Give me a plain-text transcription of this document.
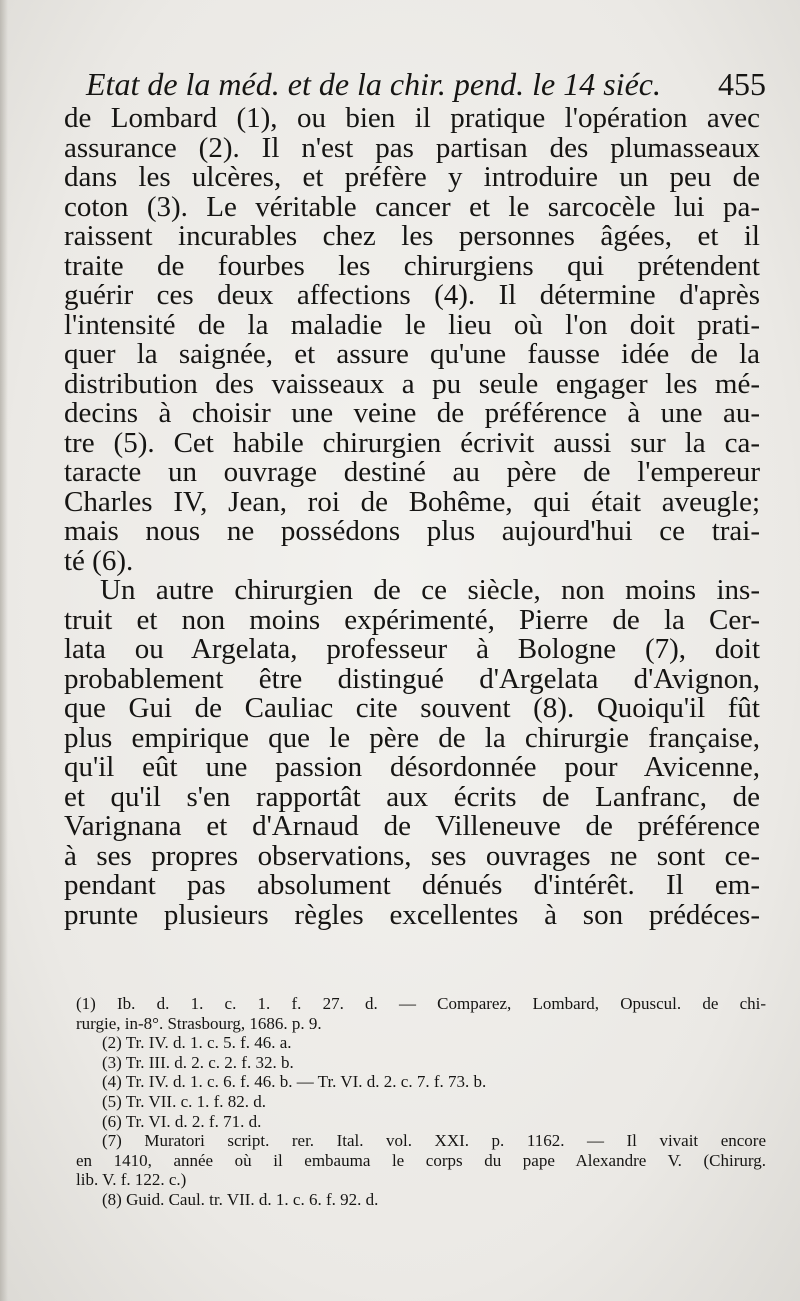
Etat de la méd. et de la chir. pend. le 14 siéc. 455
de Lombard (1), ou bien il pratique l'opération avec
assurance (2). Il n'est pas partisan des plumasseaux
dans les ulcères, et préfère y introduire un peu de
coton (3). Le véritable cancer et le sarcocèle lui pa-
raissent incurables chez les personnes âgées, et il
traite de fourbes les chirurgiens qui prétendent
guérir ces deux affections (4). Il détermine d'après
l'intensité de la maladie le lieu où l'on doit prati-
quer la saignée, et assure qu'une fausse idée de la
distribution des vaisseaux a pu seule engager les mé-
decins à choisir une veine de préférence à une au-
tre (5). Cet habile chirurgien écrivit aussi sur la ca-
taracte un ouvrage destiné au père de l'empereur
Charles IV, Jean, roi de Bohême, qui était aveugle;
mais nous ne possédons plus aujourd'hui ce trai-
té (6).
Un autre chirurgien de ce siècle, non moins ins-
truit et non moins expérimenté, Pierre de la Cer-
lata ou Argelata, professeur à Bologne (7), doit
probablement être distingué d'Argelata d'Avignon,
que Gui de Cauliac cite souvent (8). Quoiqu'il fût
plus empirique que le père de la chirurgie française,
qu'il eût une passion désordonnée pour Avicenne,
et qu'il s'en rapportât aux écrits de Lanfranc, de
Varignana et d'Arnaud de Villeneuve de préférence
à ses propres observations, ses ouvrages ne sont ce-
pendant pas absolument dénués d'intérêt. Il em-
prunte plusieurs règles excellentes à son prédéces-
(1) Ib. d. 1. c. 1. f. 27. d. — Comparez, Lombard, Opuscul. de chi-
rurgie, in-8°. Strasbourg, 1686. p. 9.
(2) Tr. IV. d. 1. c. 5. f. 46. a.
(3) Tr. III. d. 2. c. 2. f. 32. b.
(4) Tr. IV. d. 1. c. 6. f. 46. b. — Tr. VI. d. 2. c. 7. f. 73. b.
(5) Tr. VII. c. 1. f. 82. d.
(6) Tr. VI. d. 2. f. 71. d.
(7) Muratori script. rer. Ital. vol. XXI. p. 1162. — Il vivait encore
en 1410, année où il embauma le corps du pape Alexandre V. (Chirurg.
lib. V. f. 122. c.)
(8) Guid. Caul. tr. VII. d. 1. c. 6. f. 92. d.
